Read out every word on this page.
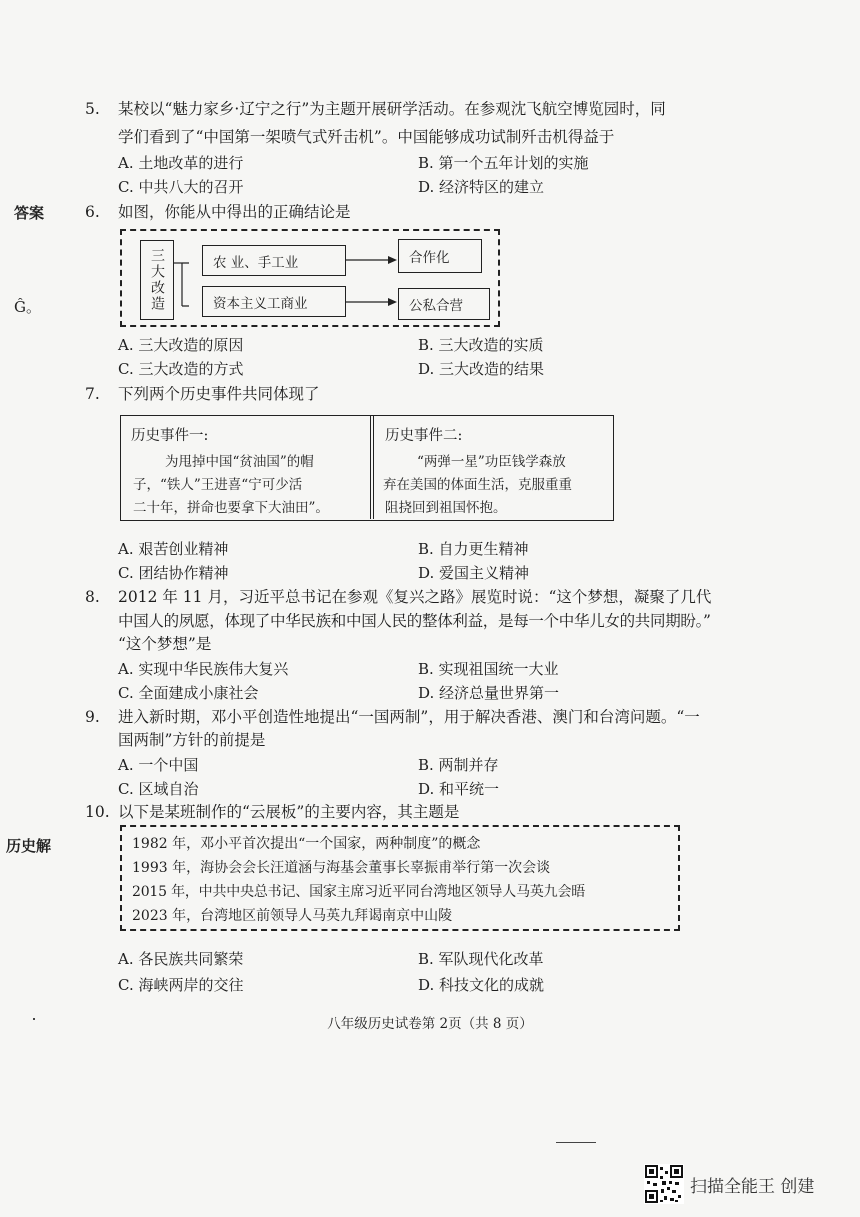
答案
Ĝ。
历史解
5. 某校以“魅力家乡·辽宁之行”为主题开展研学活动。在参观沈飞航空博览园时，同
学们看到了“中国第一架喷气式歼击机”。中国能够成功试制歼击机得益于
A. 土地改革的进行	B. 第一个五年计划的实施
C. 中共八大的召开	D. 经济特区的建立
6. 如图，你能从中得出的正确结论是
三大改造	农 业、手工业
资本主义工商业
合作化
公私合营
A. 三大改造的原因	B. 三大改造的实质
C. 三大改造的方式	D. 三大改造的结果
7. 下列两个历史事件共同体现了
历史事件一:
为甩掉中国“贫油国”的帽
子，“铁人”王进喜“宁可少活
二十年，拼命也要拿下大油田”。
历史事件二:
“两弹一星”功臣钱学森放
弃在美国的体面生活，克服重重
阻挠回到祖国怀抱。
A. 艰苦创业精神	B. 自力更生精神
C. 团结协作精神	D. 爱国主义精神
8. 2012 年 11 月，习近平总书记在参观《复兴之路》展览时说：“这个梦想，凝聚了几代
中国人的夙愿，体现了中华民族和中国人民的整体利益，是每一个中华儿女的共同期盼。”
“这个梦想”是
A. 实现中华民族伟大复兴	B. 实现祖国统一大业
C. 全面建成小康社会	D. 经济总量世界第一
9. 进入新时期，邓小平创造性地提出“一国两制”，用于解决香港、澳门和台湾问题。“一
国两制”方针的前提是
A. 一个中国	B. 两制并存
C. 区域自治	D. 和平统一
10. 以下是某班制作的“云展板”的主要内容，其主题是
1982 年，邓小平首次提出“一个国家，两种制度”的概念
1993 年，海协会会长汪道涵与海基会董事长辜振甫举行第一次会谈
2015 年，中共中央总书记、国家主席习近平同台湾地区领导人马英九会晤
2023 年，台湾地区前领导人马英九拜谒南京中山陵
A. 各民族共同繁荣	B. 军队现代化改革
C. 海峡两岸的交往	D. 科技文化的成就
八年级历史试卷第 2页（共 8 页）
扫描全能王 创建
